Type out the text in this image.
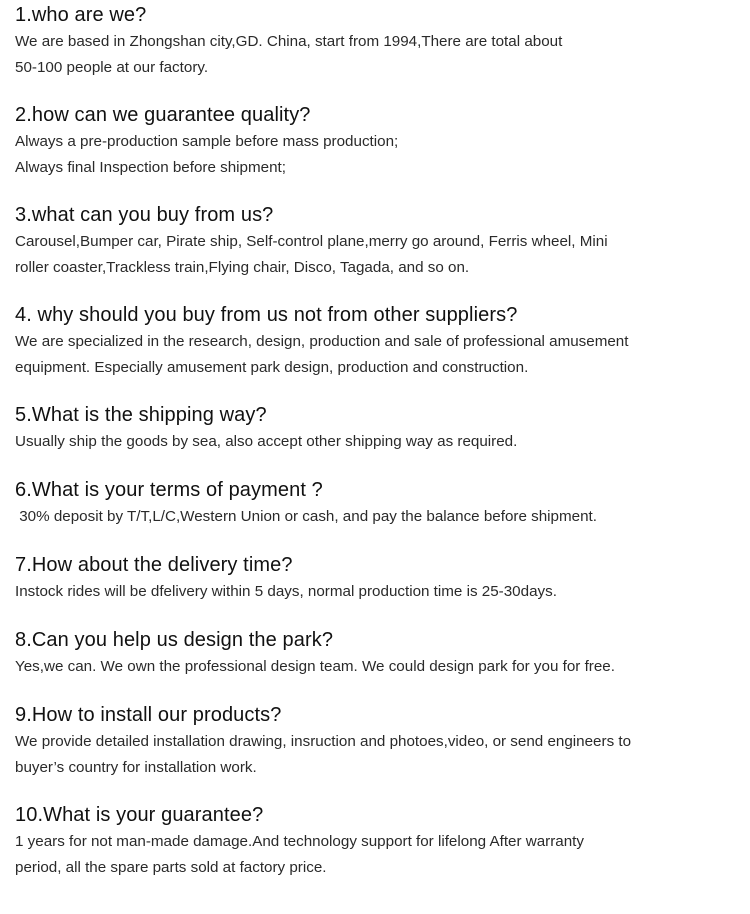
1.who are we?
We are based in Zhongshan city,GD. China, start from 1994,There are total about
50-100 people at our factory.
2.how can we guarantee quality?
Always a pre-production sample before mass production;
Always final Inspection before shipment;
3.what can you buy from us?
Carousel,Bumper car, Pirate ship, Self-control plane,merry go around, Ferris wheel, Mini
roller coaster,Trackless train,Flying chair, Disco, Tagada, and so on.
4. why should you buy from us not from other suppliers?
We are specialized in the research, design, production and sale of professional amusement
equipment. Especially amusement park design, production and construction.
5.What is the shipping way?
Usually ship the goods by sea, also accept other shipping way as required.
6.What is your terms of payment ?
30% deposit by T/T,L/C,Western Union or cash, and pay the balance before shipment.
7.How about the delivery time?
Instock rides will be dfelivery within 5 days, normal production time is 25-30days.
8.Can you help us design the park?
Yes,we can. We own the professional design team. We could design park for you for free.
9.How to install our products?
We provide detailed installation drawing, insruction and photoes,video, or send engineers to
buyer’s country for installation work.
10.What is your guarantee?
1 years for not man-made damage.And technology support for lifelong After warranty
period, all the spare parts sold at factory price.
